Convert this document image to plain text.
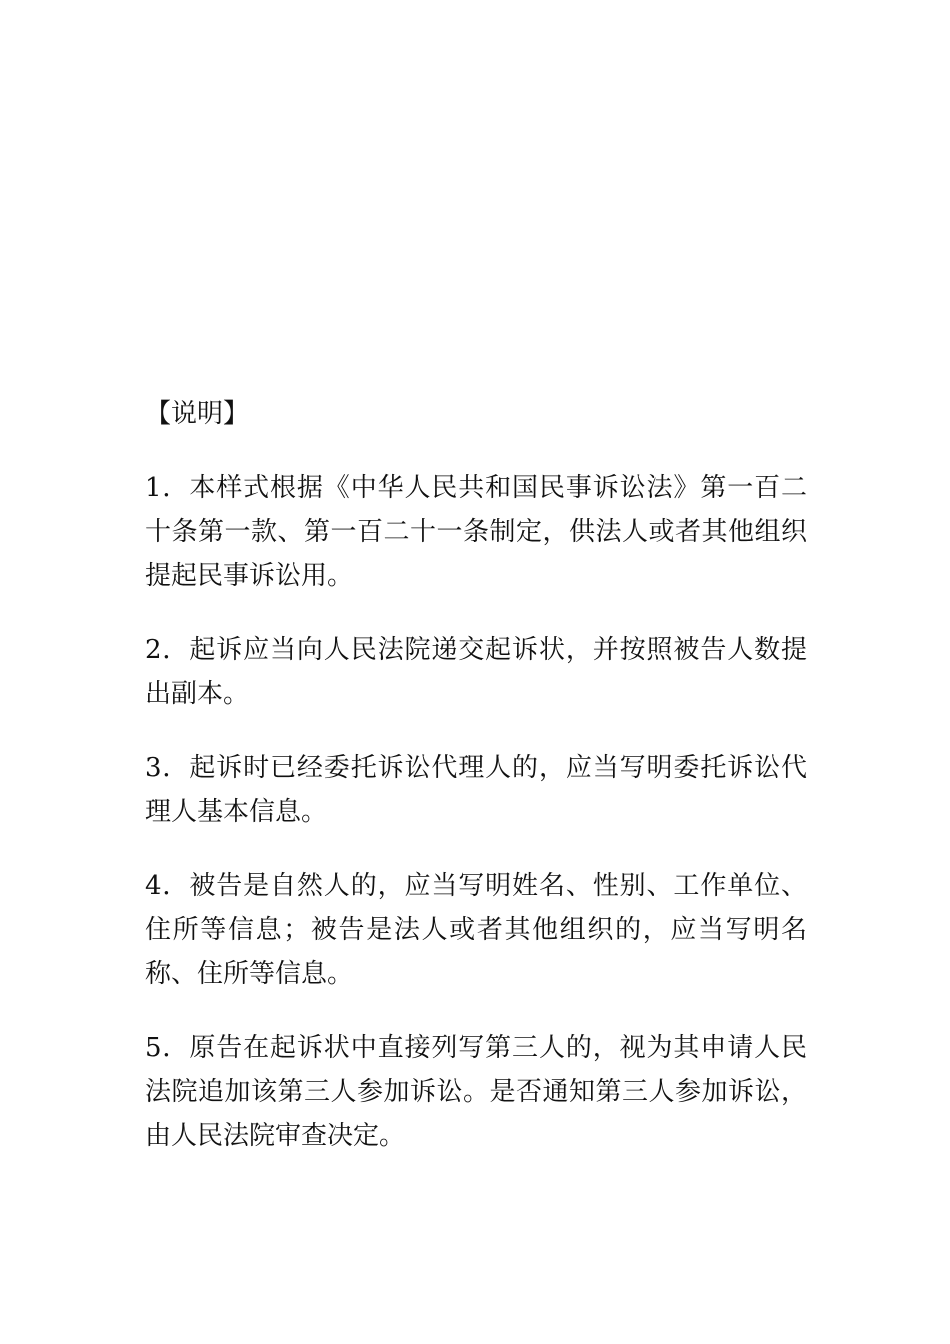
【说明】

1．本样式根据《中华人民共和国民事诉讼法》第一百二十条第一款、第一百二十一条制定，供法人或者其他组织提起民事诉讼用。

2．起诉应当向人民法院递交起诉状，并按照被告人数提出副本。

3．起诉时已经委托诉讼代理人的，应当写明委托诉讼代理人基本信息。

4．被告是自然人的，应当写明姓名、性别、工作单位、住所等信息；被告是法人或者其他组织的，应当写明名称、住所等信息。

5．原告在起诉状中直接列写第三人的，视为其申请人民法院追加该第三人参加诉讼。是否通知第三人参加诉讼，由人民法院审查决定。
